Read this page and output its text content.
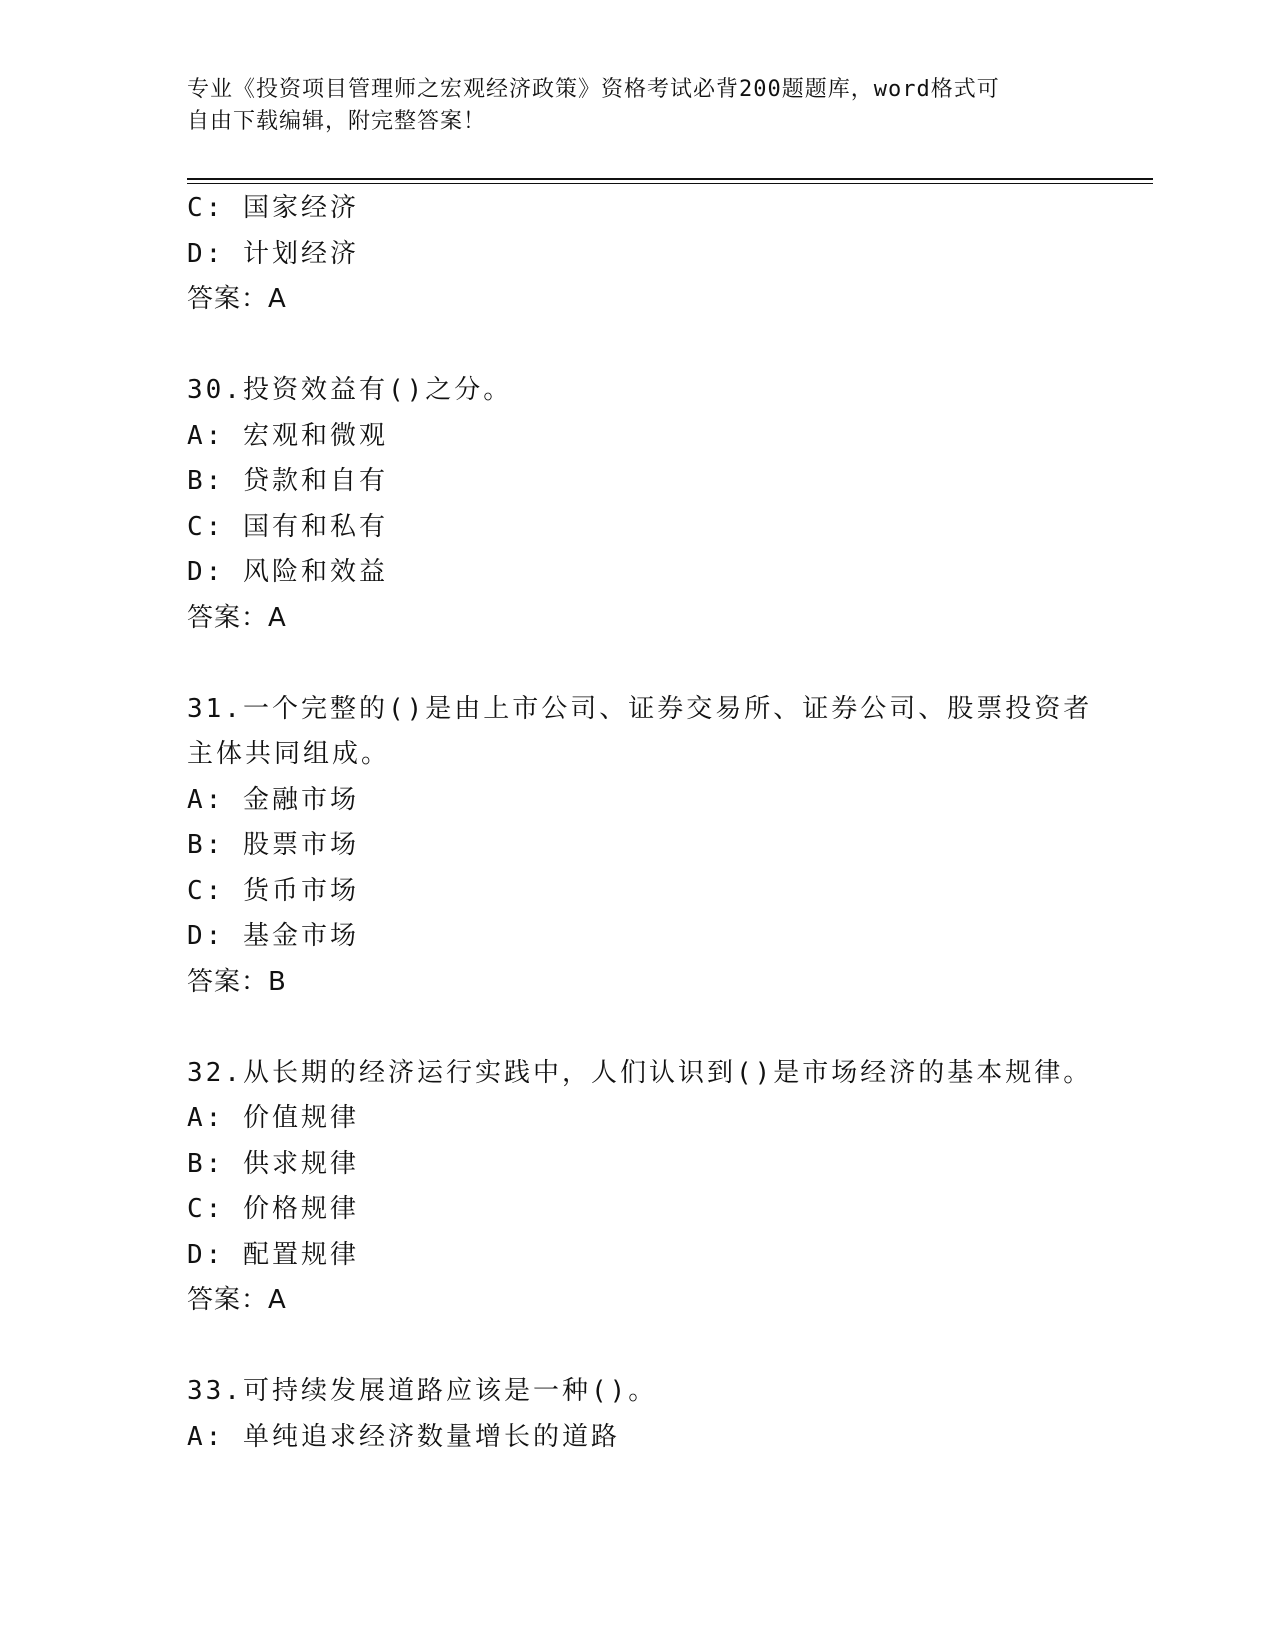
专业《投资项目管理师之宏观经济政策》资格考试必背200题题库，word格式可
自由下载编辑，附完整答案！
C: 国家经济
D: 计划经济
答案：A
30.投资效益有()之分。
A: 宏观和微观
B: 贷款和自有
C: 国有和私有
D: 风险和效益
答案：A
31.一个完整的()是由上市公司、证券交易所、证券公司、股票投资者
主体共同组成。
A: 金融市场
B: 股票市场
C: 货币市场
D: 基金市场
答案：B
32.从长期的经济运行实践中，人们认识到()是市场经济的基本规律。
A: 价值规律
B: 供求规律
C: 价格规律
D: 配置规律
答案：A
33.可持续发展道路应该是一种()。
A: 单纯追求经济数量增长的道路
